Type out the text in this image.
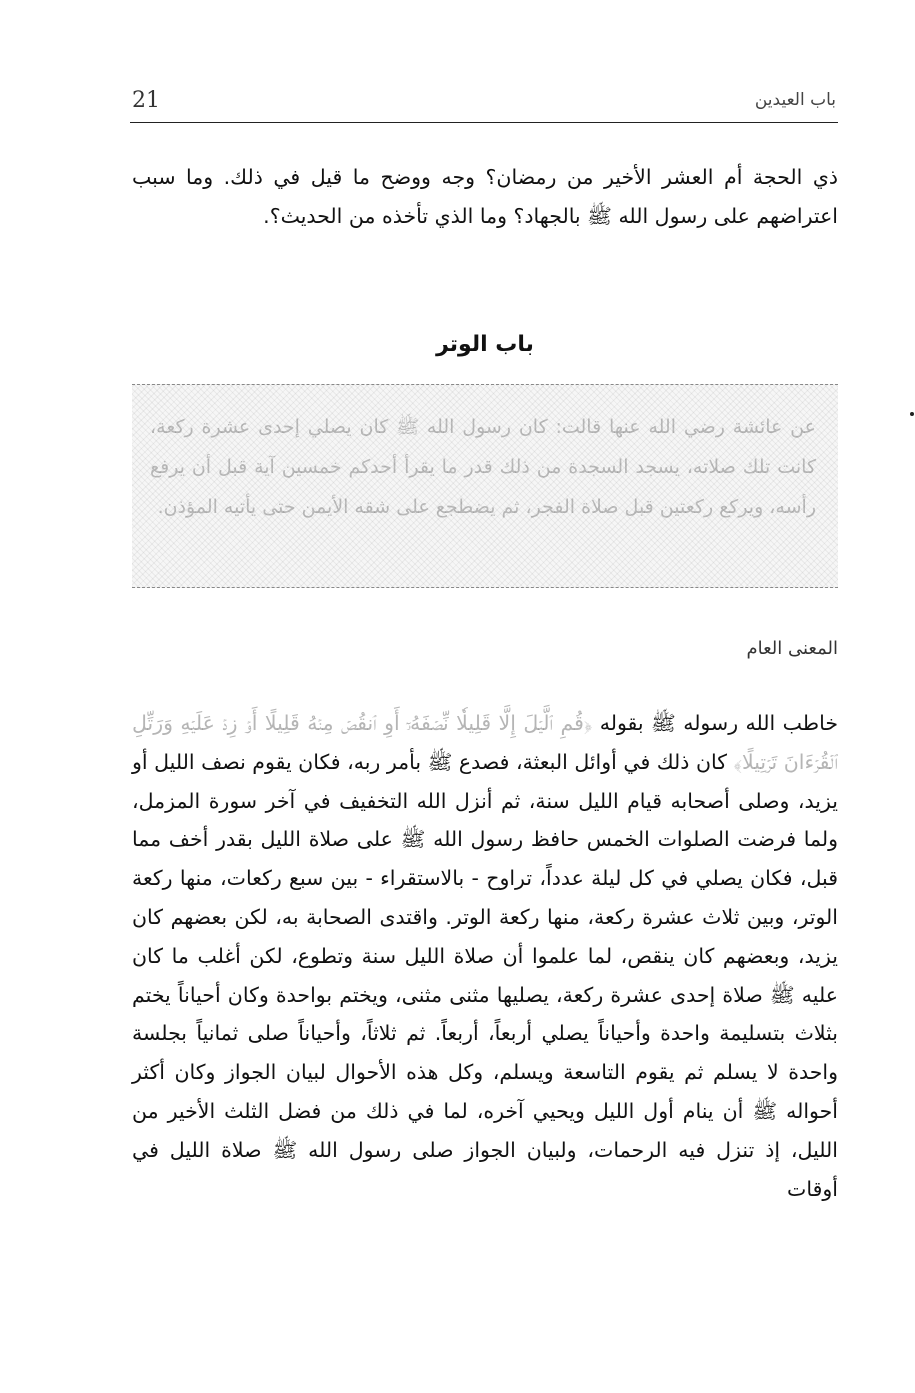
21	باب العيدين

ذي الحجة أم العشر الأخير من رمضان؟ وجه ووضح ما قيل في ذلك. وما سبب اعتراضهم على رسول الله ﷺ بالجهاد؟ وما الذي تأخذه من الحديث؟.

باب الوتر
عن عائشة رضي الله عنها قالت: كان رسول الله ﷺ كان يصلي إحدى عشرة ركعة، كانت تلك صلاته، يسجد السجدة من ذلك قدر ما يقرأ أحدكم خمسين آية قبل أن يرفع رأسه، ويركع ركعتين قبل صلاة الفجر، ثم يضطجع على شقه الأيمن حتى يأتيه المؤذن.
المعنى العام

خاطب الله رسوله ﷺ بقوله ﴿قُمِ ٱلَّيۡلَ إِلَّا قَلِيلٗا نِّصۡفَهُۥٓ أَوِ ٱنقُصۡ مِنۡهُ قَلِيلًا أَوۡ زِدۡ عَلَيۡهِ وَرَتِّلِ ٱلۡقُرۡءَانَ تَرۡتِيلًا﴾ كان ذلك في أوائل البعثة، فصدع ﷺ بأمر ربه، فكان يقوم نصف الليل أو يزيد، وصلى أصحابه قيام الليل سنة، ثم أنزل الله التخفيف في آخر سورة المزمل، ولما فرضت الصلوات الخمس حافظ رسول الله ﷺ على صلاة الليل بقدر أخف مما قبل، فكان يصلي في كل ليلة عدداً، تراوح - بالاستقراء - بين سبع ركعات، منها ركعة الوتر، وبين ثلاث عشرة ركعة، منها ركعة الوتر. واقتدى الصحابة به، لكن بعضهم كان يزيد، وبعضهم كان ينقص، لما علموا أن صلاة الليل سنة وتطوع، لكن أغلب ما كان عليه ﷺ صلاة إحدى عشرة ركعة، يصليها مثنى مثنى، ويختم بواحدة وكان أحياناً يختم بثلاث بتسليمة واحدة وأحياناً يصلي أربعاً، أربعاً. ثم ثلاثاً، وأحياناً صلى ثمانياً بجلسة واحدة لا يسلم ثم يقوم التاسعة ويسلم، وكل هذه الأحوال لبيان الجواز وكان أكثر أحواله ﷺ أن ينام أول الليل ويحيي آخره، لما في ذلك من فضل الثلث الأخير من الليل، إذ تنزل فيه الرحمات، ولبيان الجواز صلى رسول الله ﷺ صلاة الليل في أوقات
